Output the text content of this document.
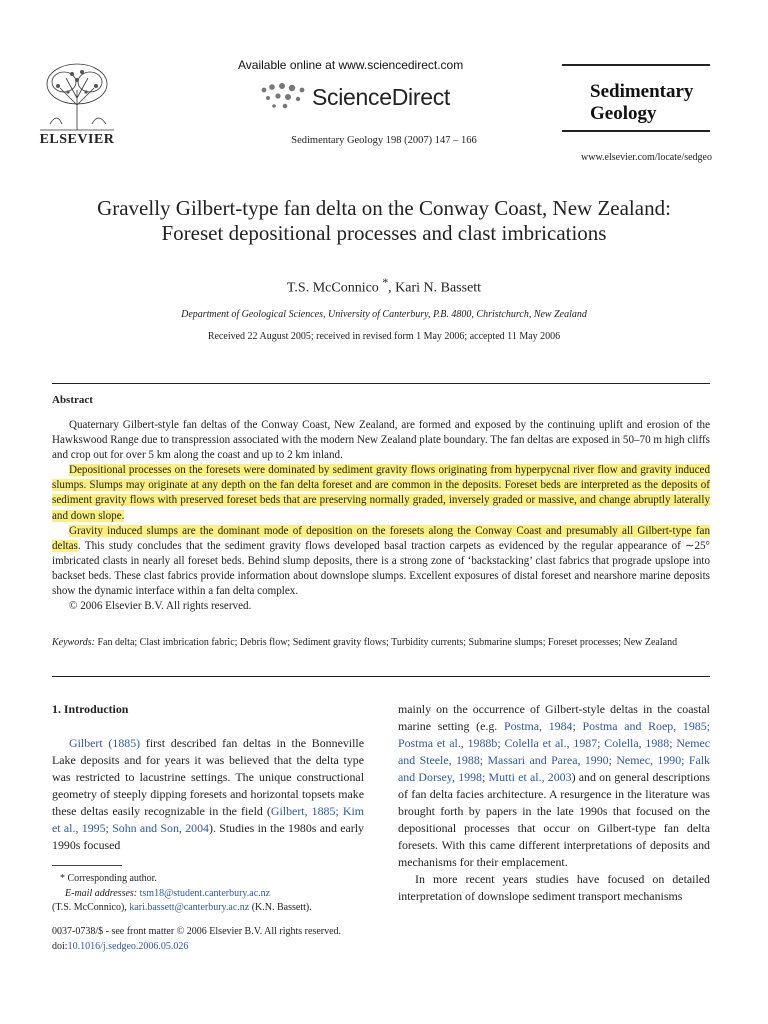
ELSEVIER
Available online at www.sciencedirect.com
ScienceDirect
Sedimentary Geology 198 (2007) 147 – 166
Sedimentary
Geology
www.elsevier.com/locate/sedgeo
Gravelly Gilbert-type fan delta on the Conway Coast, New Zealand:
Foreset depositional processes and clast imbrications
T.S. McConnico *, Kari N. Bassett
Department of Geological Sciences, University of Canterbury, P.B. 4800, Christchurch, New Zealand
Received 22 August 2005; received in revised form 1 May 2006; accepted 11 May 2006
Abstract

Quaternary Gilbert-style fan deltas of the Conway Coast, New Zealand, are formed and exposed by the continuing uplift and erosion of the Hawkswood Range due to transpression associated with the modern New Zealand plate boundary. The fan deltas are exposed in 50–70 m high cliffs and crop out for over 5 km along the coast and up to 2 km inland.

Depositional processes on the foresets were dominated by sediment gravity flows originating from hyperpycnal river flow and gravity induced slumps. Slumps may originate at any depth on the fan delta foreset and are common in the deposits. Foreset beds are interpreted as the deposits of sediment gravity flows with preserved foreset beds that are preserving normally graded, inversely graded or massive, and change abruptly laterally and down slope.

Gravity induced slumps are the dominant mode of deposition on the foresets along the Conway Coast and presumably all Gilbert-type fan deltas. This study concludes that the sediment gravity flows developed basal traction carpets as evidenced by the regular appearance of ∼25° imbricated clasts in nearly all foreset beds. Behind slump deposits, there is a strong zone of ‘backstacking’ clast fabrics that prograde upslope into backset beds. These clast fabrics provide information about downslope slumps. Excellent exposures of distal foreset and nearshore marine deposits show the dynamic interface within a fan delta complex.

© 2006 Elsevier B.V. All rights reserved.

Keywords: Fan delta; Clast imbrication fabric; Debris flow; Sediment gravity flows; Turbidity currents; Submarine slumps; Foreset processes; New Zealand

1. Introduction

Gilbert (1885) first described fan deltas in the Bonneville Lake deposits and for years it was believed that the delta type was restricted to lacustrine settings. The unique constructional geometry of steeply dipping foresets and horizontal topsets make these deltas easily recognizable in the field (Gilbert, 1885; Kim et al., 1995; Sohn and Son, 2004). Studies in the 1980s and early 1990s focused

mainly on the occurrence of Gilbert-style deltas in the coastal marine setting (e.g. Postma, 1984; Postma and Roep, 1985; Postma et al., 1988b; Colella et al., 1987; Colella, 1988; Nemec and Steele, 1988; Massari and Parea, 1990; Nemec, 1990; Falk and Dorsey, 1998; Mutti et al., 2003) and on general descriptions of fan delta facies architecture. A resurgence in the literature was brought forth by papers in the late 1990s that focused on the depositional processes that occur on Gilbert-type fan delta foresets. With this came different interpretations of deposits and mechanisms for their emplacement.

In more recent years studies have focused on detailed interpretation of downslope sediment transport mechanisms

* Corresponding author.
E-mail addresses: tsm18@student.canterbury.ac.nz
(T.S. McConnico), kari.bassett@canterbury.ac.nz (K.N. Bassett).
0037-0738/$ - see front matter © 2006 Elsevier B.V. All rights reserved.
doi:10.1016/j.sedgeo.2006.05.026
